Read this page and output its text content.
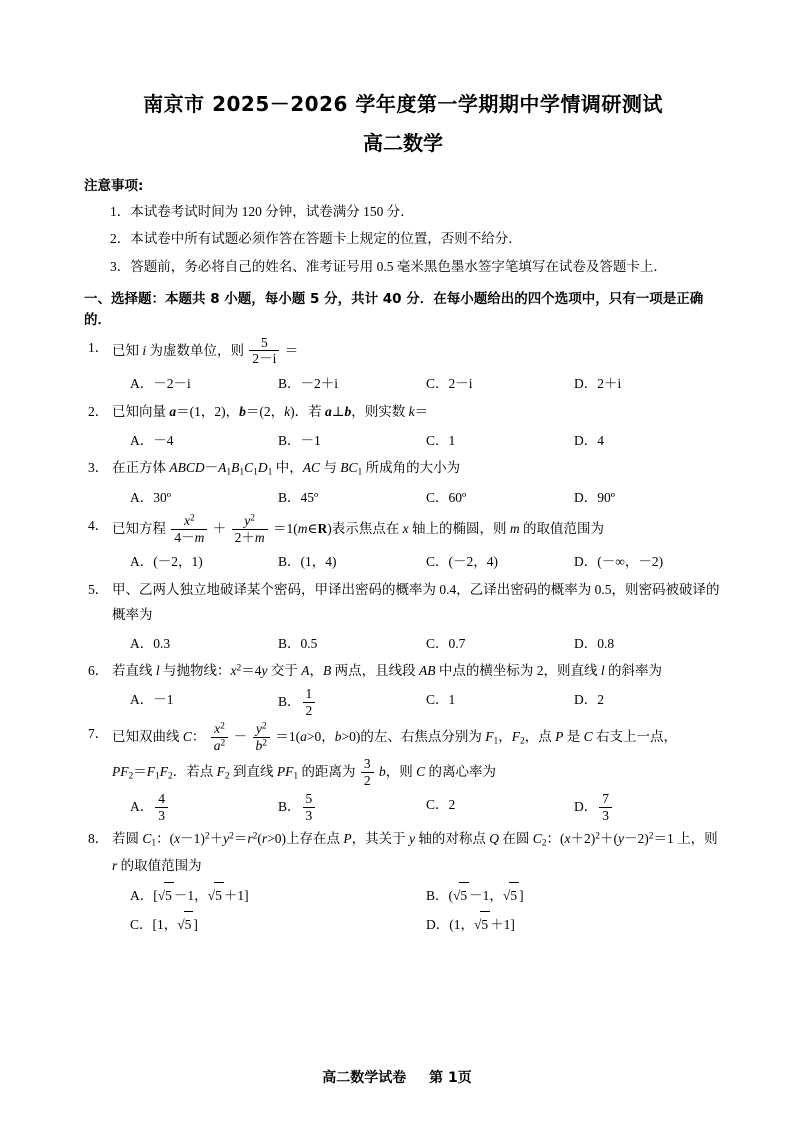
南京市 2025－2026 学年度第一学期期中学情调研测试
高二数学
注意事项:
1．本试卷考试时间为 120 分钟，试卷满分 150 分．
2．本试卷中所有试题必须作答在答题卡上规定的位置，否则不给分．
3．答题前，务必将自己的姓名、准考证号用 0.5 毫米黑色墨水签字笔填写在试卷及答题卡上．
一、选择题：本题共 8 小题，每小题 5 分，共计 40 分．在每小题给出的四个选项中，只有一项是正确的．
1． 已知 i 为虚数单位，则 $\frac{5}{2-i}$ ＝
A．－2－i	B．－2＋i	C．2－i	D．2＋i
2． 已知向量 a＝(1，2)，b＝(2，k)．若 a⊥b，则实数 k＝
A．－4	B．－1	C．1	D．4
3． 在正方体 $ABCD-A_1B_1C_1D_1$ 中，AC 与 $BC_1$ 所成角的大小为
A．30º	B．45º	C．60º	D．90º
4． 已知方程 $\frac{x^2}{4-m} + \frac{y^2}{2+m}$ ＝1(m∈R)表示焦点在 x 轴上的椭圆，则 m 的取值范围为
A．(－2，1)	B．(1，4)	C．(－2，4)	D．(－∞，－2)
5． 甲、乙两人独立地破译某个密码，甲译出密码的概率为 0.4，乙译出密码的概率为 0.5，则密码被破译的概率为
A．0.3	B．0.5	C．0.7	D．0.8
6． 若直线 l 与抛物线：$x^2=4y$ 交于 A，B 两点，且线段 AB 中点的横坐标为 2，则直线 l 的斜率为
A．－1	B． $\frac{1}{2}$	C．1	D．2
7． 已知双曲线 C： $\frac{x^2}{a^2} - \frac{y^2}{b^2} =1(a>0$，b>0)的左、右焦点分别为 $F_1$，$F_2$，点 P 是 C 右支上一点，
$PF_2=F_1F_2$．若点 $F_2$ 到直线 $PF_1$ 的距离为 $\frac{3}{2}$ b，则 C 的离心率为
A． $\frac{4}{3}$	B． $\frac{5}{3}$	C．2	D． $\frac{7}{3}$
8． 若圆 $C_1$：$(x-1)^2+y^2=r^2(r>0)$上存在点 P，其关于 y 轴的对称点 Q 在圆 $C_2$：$(x+2)^2+(y-2)^2=1$ 上，则 r 的取值范围为
A．[√5 －1，√5 ＋1]	B．(√5 －1，√5 ]
C．[1，√5 ]	D．(1，√5 ＋1]
高二数学试卷 第 1页
